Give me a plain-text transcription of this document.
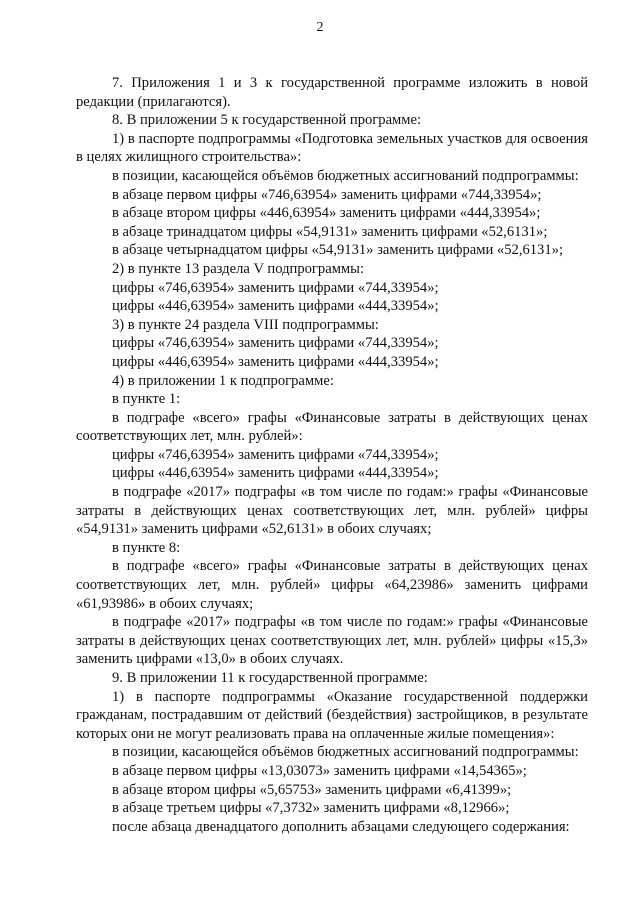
2

7. Приложения 1 и 3 к государственной программе изложить в новой редакции (прилагаются).

8. В приложении 5 к государственной программе:

1) в паспорте подпрограммы «Подготовка земельных участков для освоения в целях жилищного строительства»:

в позиции, касающейся объёмов бюджетных ассигнований подпрограммы:

в абзаце первом цифры «746,63954» заменить цифрами «744,33954»;

в абзаце втором цифры «446,63954» заменить цифрами «444,33954»;

в абзаце тринадцатом цифры «54,9131» заменить цифрами «52,6131»;

в абзаце четырнадцатом цифры «54,9131» заменить цифрами «52,6131»;

2) в пункте 13 раздела V подпрограммы:

цифры «746,63954» заменить цифрами «744,33954»;

цифры «446,63954» заменить цифрами «444,33954»;

3) в пункте 24 раздела VIII подпрограммы:

цифры «746,63954» заменить цифрами «744,33954»;

цифры «446,63954» заменить цифрами «444,33954»;

4) в приложении 1 к подпрограмме:

в пункте 1:

в подграфе «всего» графы «Финансовые затраты в действующих ценах соответствующих лет, млн. рублей»:

цифры «746,63954» заменить цифрами «744,33954»;

цифры «446,63954» заменить цифрами «444,33954»;

в подграфе «2017» подграфы «в том числе по годам:» графы «Финансовые затраты в действующих ценах соответствующих лет, млн. рублей» цифры «54,9131» заменить цифрами «52,6131» в обоих случаях;

в пункте 8:

в подграфе «всего» графы «Финансовые затраты в действующих ценах соответствующих лет, млн. рублей» цифры «64,23986» заменить цифрами «61,93986» в обоих случаях;

в подграфе «2017» подграфы «в том числе по годам:» графы «Финансовые затраты в действующих ценах соответствующих лет, млн. рублей» цифры «15,3» заменить цифрами «13,0» в обоих случаях.

9. В приложении 11 к государственной программе:

1) в паспорте подпрограммы «Оказание государственной поддержки гражданам, пострадавшим от действий (бездействия) застройщиков, в результате которых они не могут реализовать права на оплаченные жилые помещения»:

в позиции, касающейся объёмов бюджетных ассигнований подпрограммы:

в абзаце первом цифры «13,03073» заменить цифрами «14,54365»;

в абзаце втором цифры «5,65753» заменить цифрами «6,41399»;

в абзаце третьем цифры «7,3732» заменить цифрами «8,12966»;

после абзаца двенадцатого дополнить абзацами следующего содержания:
